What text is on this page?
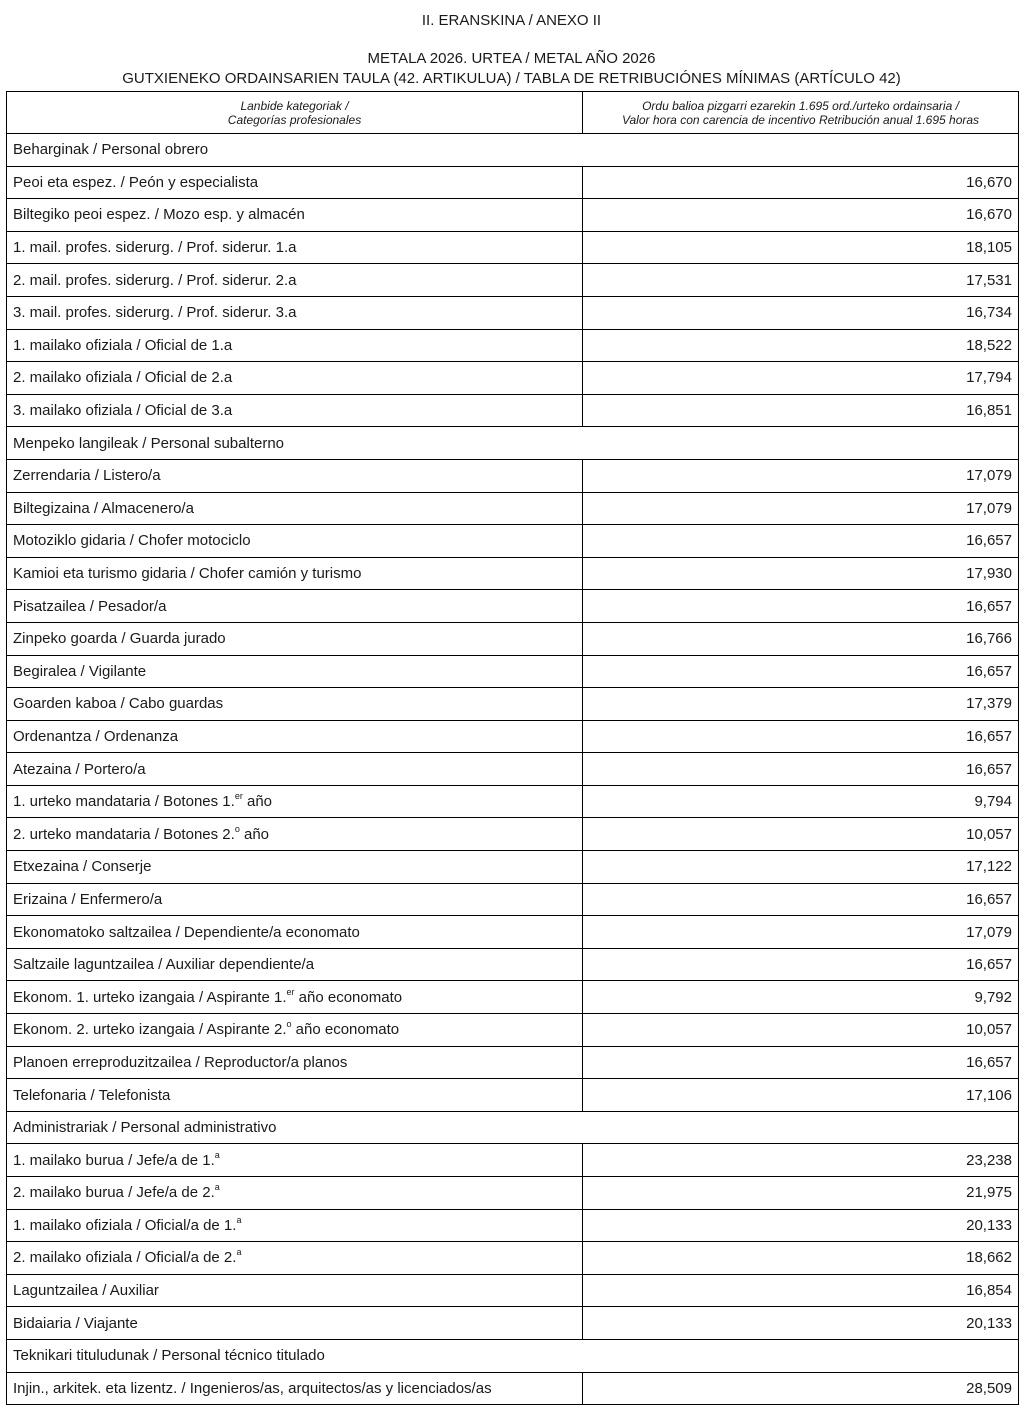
II. ERANSKINA / ANEXO II
METALA 2026. URTEA / METAL AÑO 2026
GUTXIENEKO ORDAINSARIEN TAULA (42. ARTIKULUA) / TABLA DE RETRIBUCIÓNES MÍNIMAS (ARTÍCULO 42)
Lanbide kategoriak /
Categorías profesionales	Ordu balioa pizgarri ezarekin 1.695 ord./urteko ordainsaria /
Valor hora con carencia de incentivo Retribución anual 1.695 horas
Beharginak / Personal obrero	
Peoi eta espez. / Peón y especialista	16,670
Biltegiko peoi espez. / Mozo esp. y almacén	16,670
1. mail. profes. siderurg. / Prof. siderur. 1.a	18,105
2. mail. profes. siderurg. / Prof. siderur. 2.a	17,531
3. mail. profes. siderurg. / Prof. siderur. 3.a	16,734
1. mailako ofiziala / Oficial de 1.a	18,522
2. mailako ofiziala / Oficial de 2.a	17,794
3. mailako ofiziala / Oficial de 3.a	16,851
Menpeko langileak / Personal subalterno	
Zerrendaria / Listero/a	17,079
Biltegizaina / Almacenero/a	17,079
Motoziklo gidaria / Chofer motociclo	16,657
Kamioi eta turismo gidaria / Chofer camión y turismo	17,930
Pisatzailea / Pesador/a	16,657
Zinpeko goarda / Guarda jurado	16,766
Begiralea / Vigilante	16,657
Goarden kaboa / Cabo guardas	17,379
Ordenantza / Ordenanza	16,657
Atezaina / Portero/a	16,657
1. urteko mandataria / Botones 1.$^{er}$ año	9,794
2. urteko mandataria / Botones 2.$^o$ año	10,057
Etxezaina / Conserje	17,122
Erizaina / Enfermero/a	16,657
Ekonomatoko saltzailea / Dependiente/a economato	17,079
Saltzaile laguntzailea / Auxiliar dependiente/a	16,657
Ekonom. 1. urteko izangaia / Aspirante 1.$^{er}$ año economato	9,792
Ekonom. 2. urteko izangaia / Aspirante 2.$^o$ año economato	10,057
Planoen erreproduzitzailea / Reproductor/a planos	16,657
Telefonaria / Telefonista	17,106
Administrariak / Personal administrativo	
1. mailako burua / Jefe/a de 1.$^a$	23,238
2. mailako burua / Jefe/a de 2.$^a$	21,975
1. mailako ofiziala / Oficial/a de 1.$^a$	20,133
2. mailako ofiziala / Oficial/a de 2.$^a$	18,662
Laguntzailea / Auxiliar	16,854
Bidaiaria / Viajante	20,133
Teknikari tituludunak / Personal técnico titulado	
Injin., arkitek. eta lizentz. / Ingenieros/as, arquitectos/as y licenciados/as	28,509
